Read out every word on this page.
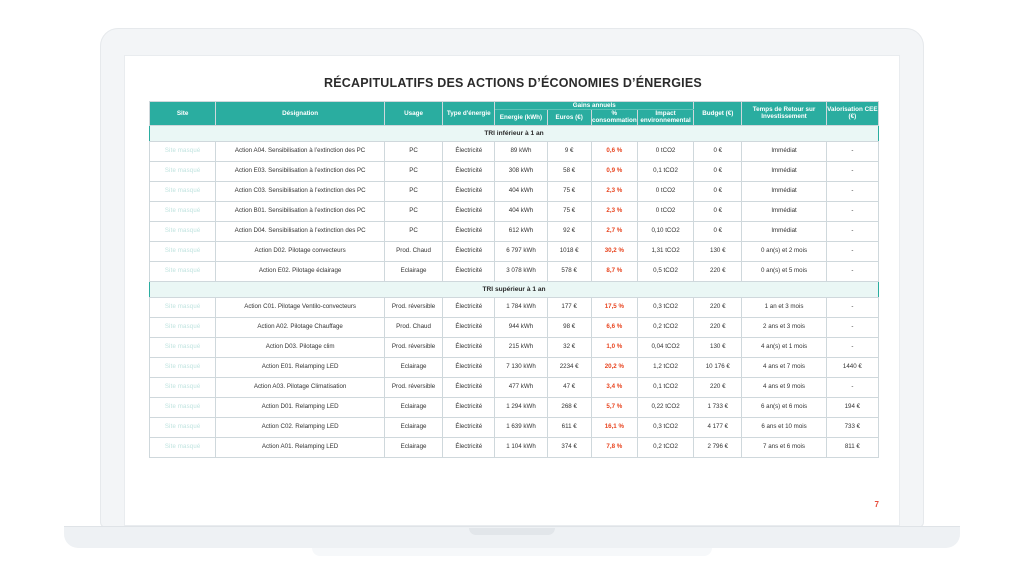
RÉCAPITULATIFS DES ACTIONS D’ÉCONOMIES D’ÉNERGIES
Site	Désignation	Usage	Type d'énergie	Gains annuels				Budget (€)	Temps de Retour sur Investissement	Valorisation CEE (€)
				Energie (kWh)	Euros (€)	% consommation	Impact environnemental			
TRI inférieur à 1 an										
Site masqué	Action A04. Sensibilisation à l’extinction des PC	PC	Électricité	89 kWh	9 €	0,6 %	0 tCO2	0 €	Immédiat	-
Site masqué	Action E03. Sensibilisation à l’extinction des PC	PC	Électricité	308 kWh	58 €	0,9 %	0,1 tCO2	0 €	Immédiat	-
Site masqué	Action C03. Sensibilisation à l’extinction des PC	PC	Électricité	404 kWh	75 €	2,3 %	0 tCO2	0 €	Immédiat	-
Site masqué	Action B01. Sensibilisation à l’extinction des PC	PC	Électricité	404 kWh	75 €	2,3 %	0 tCO2	0 €	Immédiat	-
Site masqué	Action D04. Sensibilisation à l’extinction des PC	PC	Électricité	612 kWh	92 €	2,7 %	0,10 tCO2	0 €	Immédiat	-
Site masqué	Action D02. Pilotage convecteurs	Prod. Chaud	Électricité	6 797 kWh	1018 €	30,2 %	1,31 tCO2	130 €	0 an(s) et 2 mois	-
Site masqué	Action E02. Pilotage éclairage	Eclairage	Électricité	3 078 kWh	578 €	8,7 %	0,5 tCO2	220 €	0 an(s) et 5 mois	-
TRI supérieur à 1 an										
Site masqué	Action C01. Pilotage Ventilo-convecteurs	Prod. réversible	Électricité	1 784 kWh	177 €	17,5 %	0,3 tCO2	220 €	1 an et 3 mois	-
Site masqué	Action A02. Pilotage Chauffage	Prod. Chaud	Électricité	944 kWh	98 €	6,6 %	0,2 tCO2	220 €	2 ans et 3 mois	-
Site masqué	Action D03. Pilotage clim	Prod. réversible	Électricité	215 kWh	32 €	1,0 %	0,04 tCO2	130 €	4 an(s) et 1 mois	-
Site masqué	Action E01. Relamping LED	Eclairage	Électricité	7 130 kWh	2234 €	20,2 %	1,2 tCO2	10 176 €	4 ans et 7 mois	1440 €
Site masqué	Action A03. Pilotage Climatisation	Prod. réversible	Électricité	477 kWh	47 €	3,4 %	0,1 tCO2	220 €	4 ans et 9 mois	-
Site masqué	Action D01. Relamping LED	Eclairage	Électricité	1 294 kWh	268 €	5,7 %	0,22 tCO2	1 733 €	6 an(s) et 6 mois	194 €
Site masqué	Action C02. Relamping LED	Eclairage	Électricité	1 639 kWh	611 €	16,1 %	0,3 tCO2	4 177 €	6 ans et 10 mois	733 €
Site masqué	Action A01. Relamping LED	Eclairage	Électricité	1 104 kWh	374 €	7,8 %	0,2 tCO2	2 796 €	7 ans et 6 mois	811 €
7
